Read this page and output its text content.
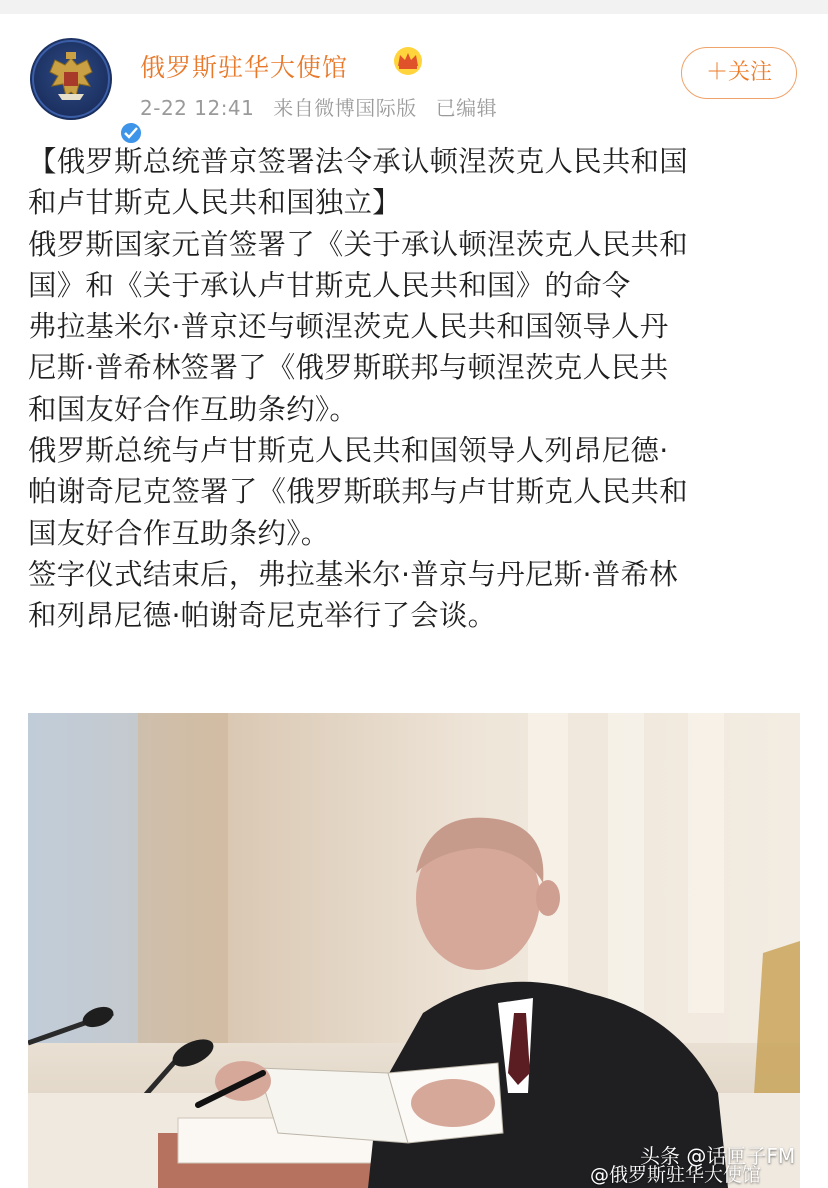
俄罗斯驻华大使馆
2-22 12:41 来自微博国际版 已编辑
＋关注

【俄罗斯总统普京签署法令承认顿涅茨克人民共和国

和卢甘斯克人民共和国独立】

俄罗斯国家元首签署了《关于承认顿涅茨克人民共和

国》和《关于承认卢甘斯克人民共和国》的命令

弗拉基米尔·普京还与顿涅茨克人民共和国领导人丹

尼斯·普希林签署了《俄罗斯联邦与顿涅茨克人民共

和国友好合作互助条约》。

俄罗斯总统与卢甘斯克人民共和国领导人列昂尼德·

帕谢奇尼克签署了《俄罗斯联邦与卢甘斯克人民共和

国友好合作互助条约》。

签字仪式结束后，弗拉基米尔·普京与丹尼斯·普希林

和列昂尼德·帕谢奇尼克举行了会谈。

头条 @话匣子FM
@俄罗斯驻华大使馆
